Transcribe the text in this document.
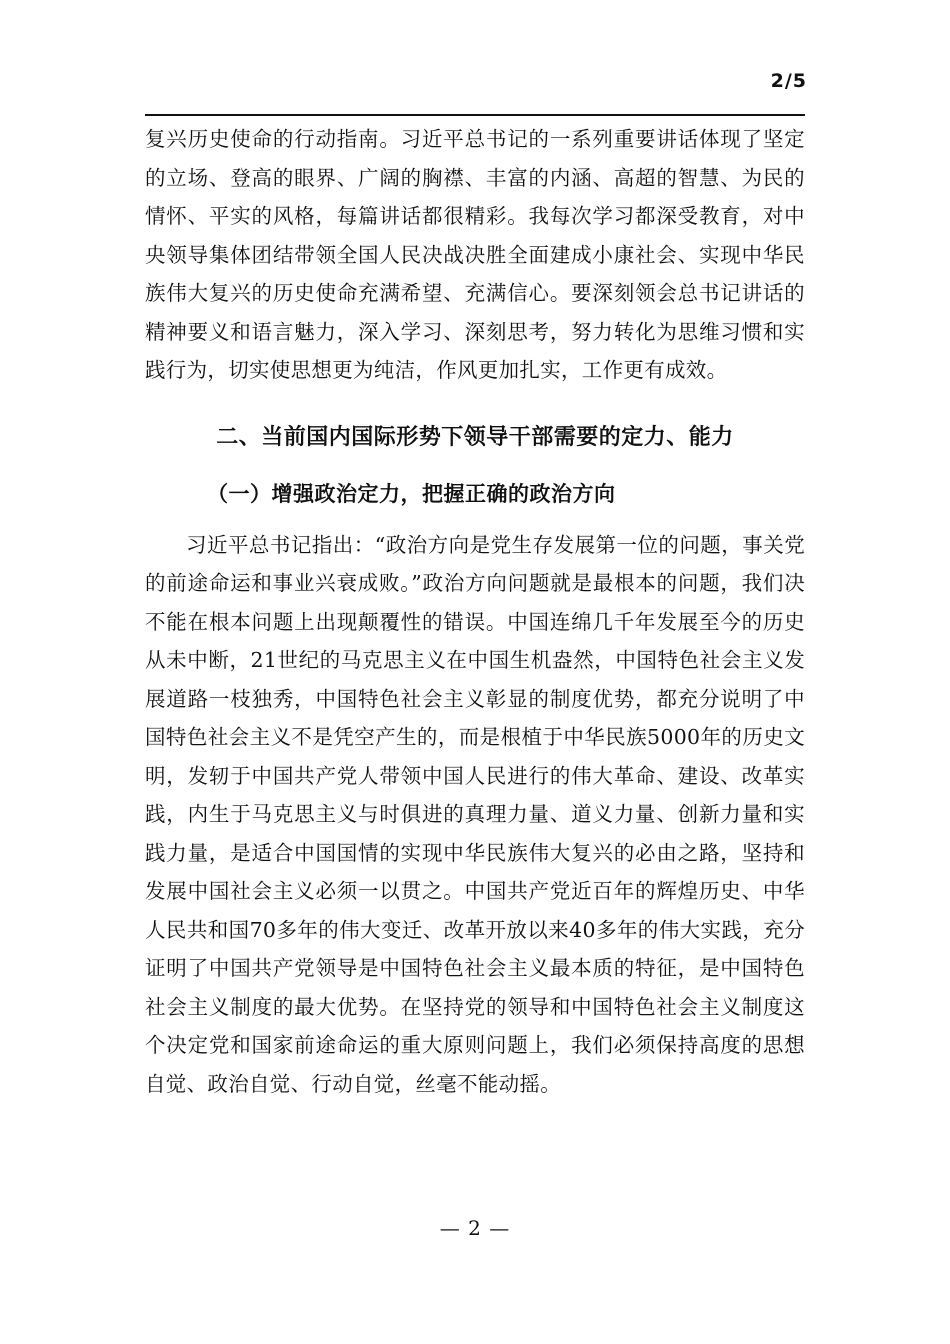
2/5

复兴历史使命的行动指南。习近平总书记的一系列重要讲话体现了坚定的立场、登高的眼界、广阔的胸襟、丰富的内涵、高超的智慧、为民的情怀、平实的风格，每篇讲话都很精彩。我每次学习都深受教育，对中央领导集体团结带领全国人民决战决胜全面建成小康社会、实现中华民族伟大复兴的历史使命充满希望、充满信心。要深刻领会总书记讲话的精神要义和语言魅力，深入学习、深刻思考，努力转化为思维习惯和实践行为，切实使思想更为纯洁，作风更加扎实，工作更有成效。

二、当前国内国际形势下领导干部需要的定力、能力
（一）增强政治定力，把握正确的政治方向

习近平总书记指出：“政治方向是党生存发展第一位的问题，事关党的前途命运和事业兴衰成败。”政治方向问题就是最根本的问题，我们决不能在根本问题上出现颠覆性的错误。中国连绵几千年发展至今的历史从未中断，21世纪的马克思主义在中国生机盎然，中国特色社会主义发展道路一枝独秀，中国特色社会主义彰显的制度优势，都充分说明了中国特色社会主义不是凭空产生的，而是根植于中华民族5000年的历史文明，发轫于中国共产党人带领中国人民进行的伟大革命、建设、改革实践，内生于马克思主义与时俱进的真理力量、道义力量、创新力量和实践力量，是适合中国国情的实现中华民族伟大复兴的必由之路，坚持和发展中国社会主义必须一以贯之。中国共产党近百年的辉煌历史、中华人民共和国70多年的伟大变迁、改革开放以来40多年的伟大实践，充分证明了中国共产党领导是中国特色社会主义最本质的特征，是中国特色社会主义制度的最大优势。在坚持党的领导和中国特色社会主义制度这个决定党和国家前途命运的重大原则问题上，我们必须保持高度的思想自觉、政治自觉、行动自觉，丝毫不能动摇。

— 2 —
